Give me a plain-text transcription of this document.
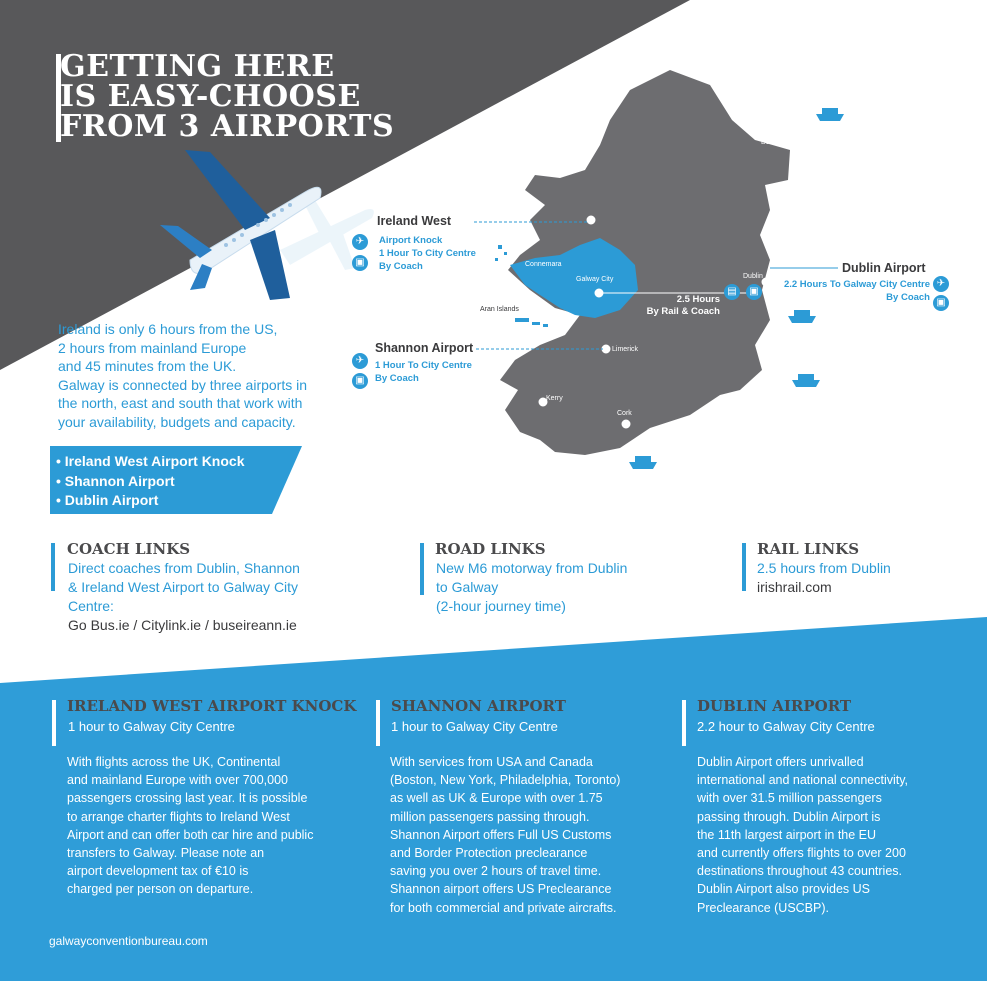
GETTING HERE
IS EASY-CHOOSE
FROM 3 AIRPORTS
Ireland is only 6 hours from the US,
2 hours from mainland Europe
and 45 minutes from the UK.
Galway is connected by three airports in
the north, east and south that work with
your availability, budgets and capacity.
• Ireland West Airport Knock
• Shannon Airport
• Dublin Airport
Belfast
Connemara
Galway City	Dublin
Aran Islands
Limerick
Kerry
Cork
Ireland West
✈
▣
Airport Knock
1 Hour To City Centre
By Coach
Shannon Airport
✈
▣
1 Hour To City Centre
By Coach
Dublin Airport
2.2 Hours To Galway City Centre
By Coach
✈
▣
▤	▣
2.5 Hours
By Rail & Coach
COACH LINKS
Direct coaches from Dublin, Shannon
& Ireland West Airport to Galway City
Centre:
Go Bus.ie / Citylink.ie / buseireann.ie
ROAD LINKS
New M6 motorway from Dublin
to Galway
(2-hour journey time)
RAIL LINKS
2.5 hours from Dublin
irishrail.com
IRELAND WEST AIRPORT KNOCK
1 hour to Galway City Centre
With flights across the UK, Continental
and mainland Europe with over 700,000
passengers crossing last year. It is possible
to arrange charter flights to Ireland West
Airport and can offer both car hire and public
transfers to Galway. Please note an
airport development tax of €10 is
charged per person on departure.
SHANNON AIRPORT
1 hour to Galway City Centre
With services from USA and Canada
(Boston, New York, Philadelphia, Toronto)
as well as UK & Europe with over 1.75
million passengers passing through.
Shannon Airport offers Full US Customs
and Border Protection preclearance
saving you over 2 hours of travel time.
Shannon airport offers US Preclearance
for both commercial and private aircrafts.
DUBLIN AIRPORT
2.2 hour to Galway City Centre
Dublin Airport offers unrivalled
international and national connectivity,
with over 31.5 million passengers
passing through. Dublin Airport is
the 11th largest airport in the EU
and currently offers flights to over 200
destinations throughout 43 countries.
Dublin Airport also provides US
Preclearance (USCBP).
galwayconventionbureau.com
